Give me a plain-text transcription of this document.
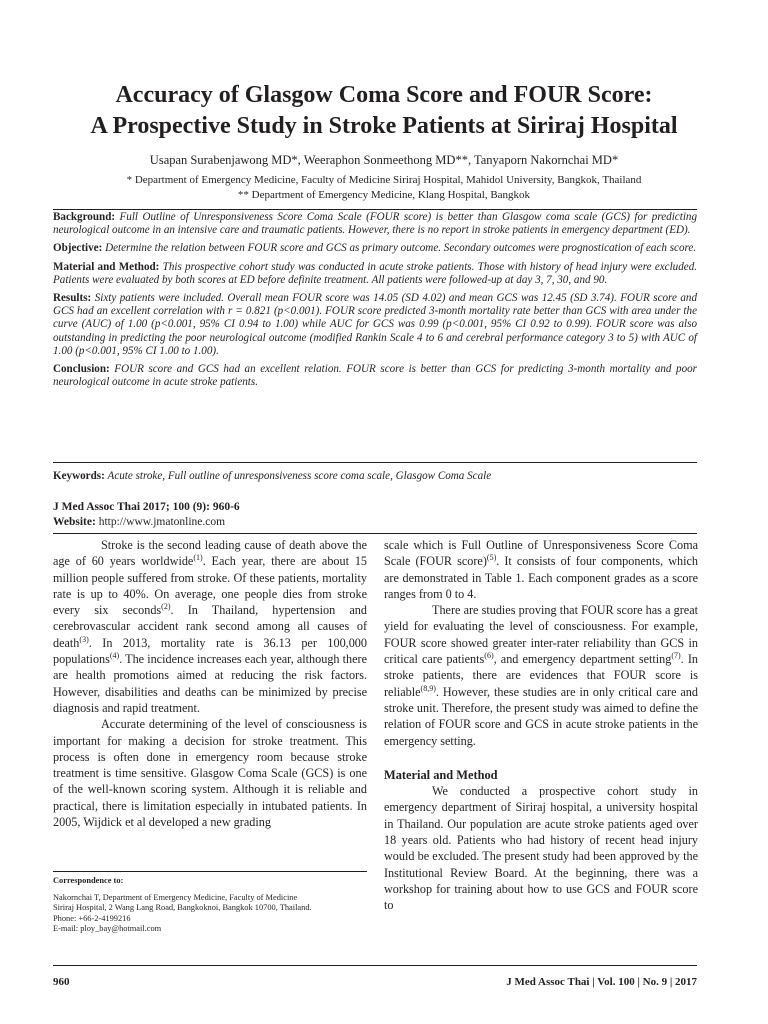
Accuracy of Glasgow Coma Score and FOUR Score:
A Prospective Study in Stroke Patients at Siriraj Hospital
Usapan Surabenjawong MD*, Weeraphon Sonmeethong MD**, Tanyaporn Nakornchai MD*
* Department of Emergency Medicine, Faculty of Medicine Siriraj Hospital, Mahidol University, Bangkok, Thailand
** Department of Emergency Medicine, Klang Hospital, Bangkok

Background: Full Outline of Unresponsiveness Score Coma Scale (FOUR score) is better than Glasgow coma scale (GCS) for predicting neurological outcome in an intensive care and traumatic patients. However, there is no report in stroke patients in emergency department (ED).

Objective: Determine the relation between FOUR score and GCS as primary outcome. Secondary outcomes were prognostication of each score.

Material and Method: This prospective cohort study was conducted in acute stroke patients. Those with history of head injury were excluded. Patients were evaluated by both scores at ED before definite treatment. All patients were followed-up at day 3, 7, 30, and 90.

Results: Sixty patients were included. Overall mean FOUR score was 14.05 (SD 4.02) and mean GCS was 12.45 (SD 3.74). FOUR score and GCS had an excellent correlation with r = 0.821 (p<0.001). FOUR score predicted 3-month mortality rate better than GCS with area under the curve (AUC) of 1.00 (p<0.001, 95% CI 0.94 to 1.00) while AUC for GCS was 0.99 (p<0.001, 95% CI 0.92 to 0.99). FOUR score was also outstanding in predicting the poor neurological outcome (modified Rankin Scale 4 to 6 and cerebral performance category 3 to 5) with AUC of 1.00 (p<0.001, 95% CI 1.00 to 1.00).

Conclusion: FOUR score and GCS had an excellent relation. FOUR score is better than GCS for predicting 3-month mortality and poor neurological outcome in acute stroke patients.

Keywords: Acute stroke, Full outline of unresponsiveness score coma scale, Glasgow Coma Scale
J Med Assoc Thai 2017; 100 (9): 960-6
Website: http://www.jmatonline.com

Stroke is the second leading cause of death above the age of 60 years worldwide$^{(1)}$. Each year, there are about 15 million people suffered from stroke. Of these patients, mortality rate is up to 40%. On average, one people dies from stroke every six seconds$^{(2)}$. In Thailand, hypertension and cerebrovascular accident rank second among all causes of death$^{(3)}$. In 2013, mortality rate is 36.13 per 100,000 populations$^{(4)}$. The incidence increases each year, although there are health promotions aimed at reducing the risk factors. However, disabilities and deaths can be minimized by precise diagnosis and rapid treatment.

Accurate determining of the level of consciousness is important for making a decision for stroke treatment. This process is often done in emergency room because stroke treatment is time sensitive. Glasgow Coma Scale (GCS) is one of the well-known scoring system. Although it is reliable and practical, there is limitation especially in intubated patients. In 2005, Wijdick et al developed a new grading

scale which is Full Outline of Unresponsiveness Score Coma Scale (FOUR score)$^{(5)}$. It consists of four components, which are demonstrated in Table 1. Each component grades as a score ranges from 0 to 4.

There are studies proving that FOUR score has a great yield for evaluating the level of consciousness. For example, FOUR score showed greater inter-rater reliability than GCS in critical care patients$^{(6)}$, and emergency department setting$^{(7)}$. In stroke patients, there are evidences that FOUR score is reliable$^{(8,9)}$. However, these studies are in only critical care and stroke unit. Therefore, the present study was aimed to define the relation of FOUR score and GCS in acute stroke patients in the emergency setting.

Material and Method

We conducted a prospective cohort study in emergency department of Siriraj hospital, a university hospital in Thailand. Our population are acute stroke patients aged over 18 years old. Patients who had history of recent head injury would be excluded. The present study had been approved by the Institutional Review Board. At the beginning, there was a workshop for training about how to use GCS and FOUR score to

Correspondence to:

Nakornchai T, Department of Emergency Medicine, Faculty of Medicine

Siriraj Hospital, 2 Wang Lang Road, Bangkoknoi, Bangkok 10700, Thailand.

Phone: +66-2-4199216

E-mail: ploy_bay@hotmail.com

960	J Med Assoc Thai | Vol. 100 | No. 9 | 2017
